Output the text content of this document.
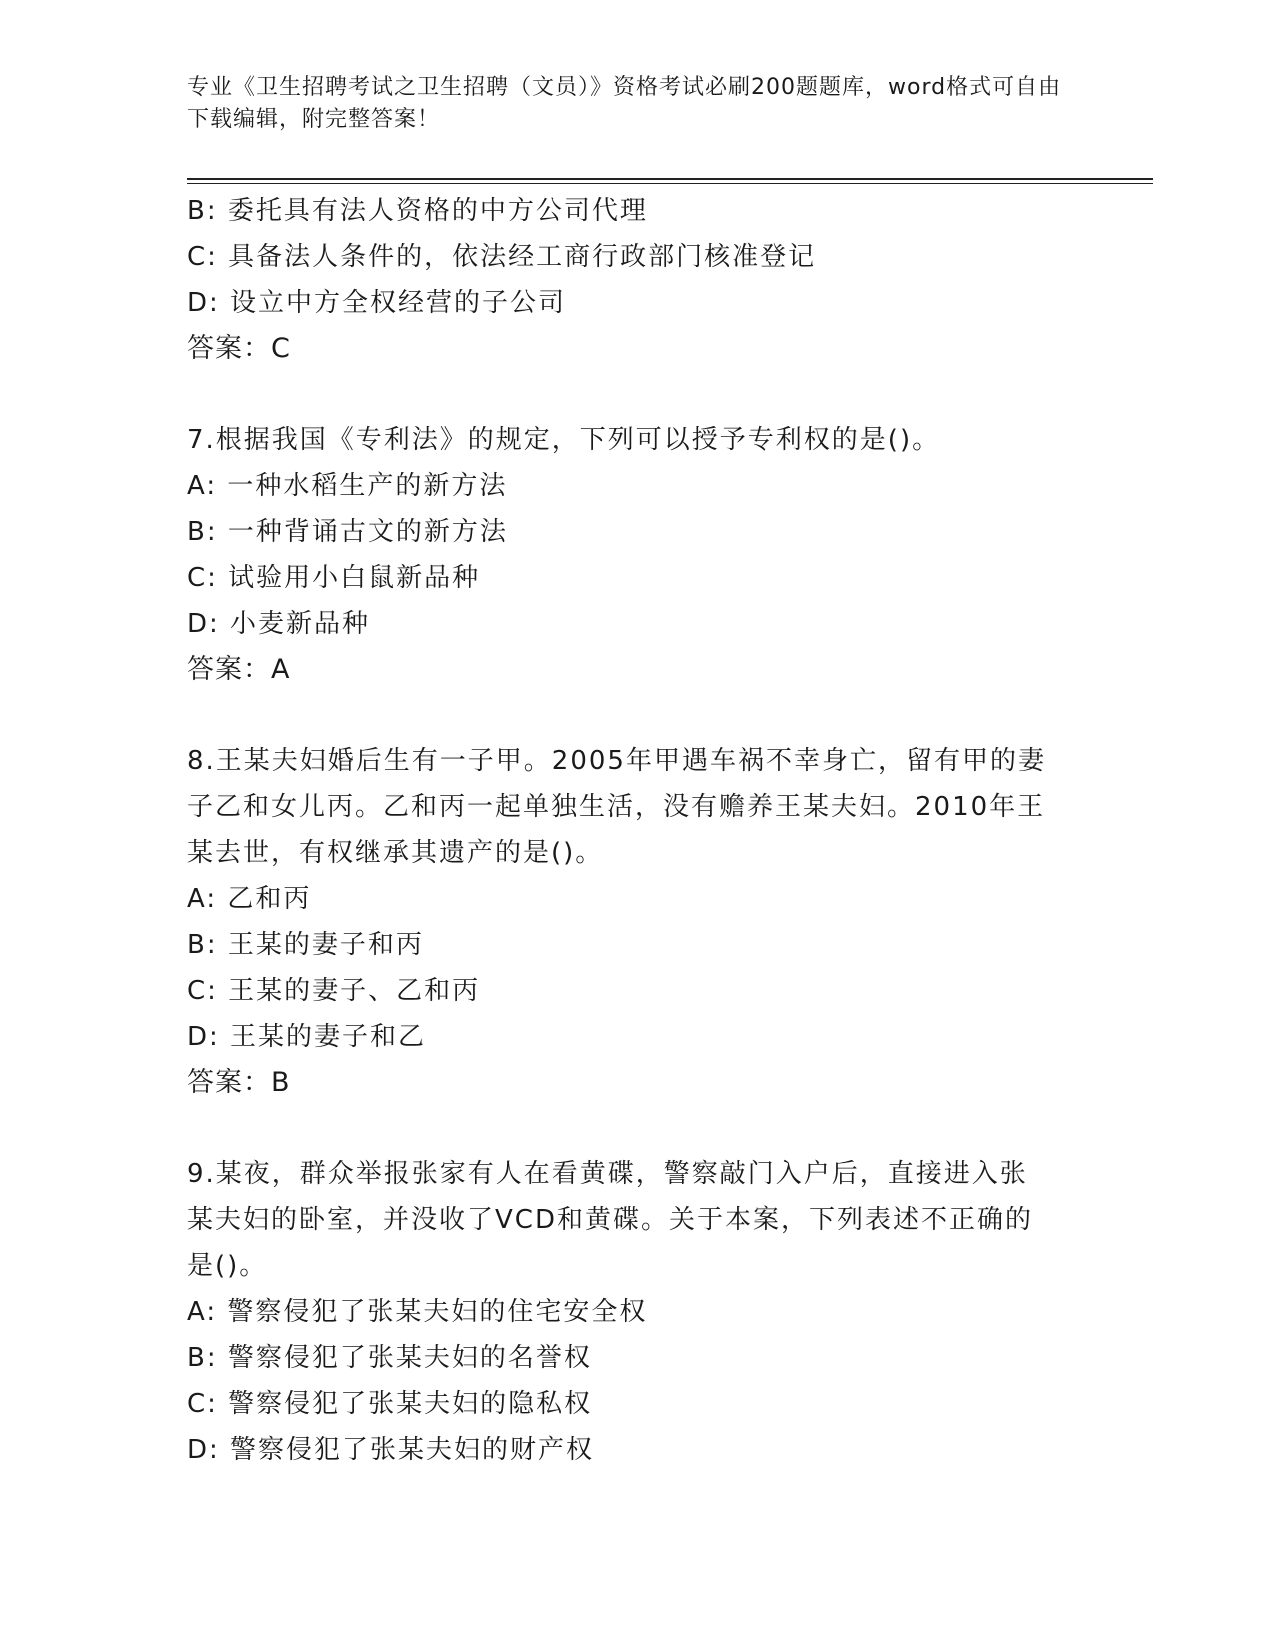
专业《卫生招聘考试之卫生招聘（文员）》资格考试必刷200题题库，word格式可自由下载编辑，附完整答案！
B: 委托具有法人资格的中方公司代理
C: 具备法人条件的，依法经工商行政部门核准登记
D: 设立中方全权经营的子公司
答案：C
7.根据我国《专利法》的规定，下列可以授予专利权的是()。
A: 一种水稻生产的新方法
B: 一种背诵古文的新方法
C: 试验用小白鼠新品种
D: 小麦新品种
答案：A
8.王某夫妇婚后生有一子甲。2005年甲遇车祸不幸身亡，留有甲的妻
子乙和女儿丙。乙和丙一起单独生活，没有赡养王某夫妇。2010年王
某去世，有权继承其遗产的是()。
A: 乙和丙
B: 王某的妻子和丙
C: 王某的妻子、乙和丙
D: 王某的妻子和乙
答案：B
9.某夜，群众举报张家有人在看黄碟，警察敲门入户后，直接进入张
某夫妇的卧室，并没收了VCD和黄碟。关于本案，下列表述不正确的
是()。
A: 警察侵犯了张某夫妇的住宅安全权
B: 警察侵犯了张某夫妇的名誉权
C: 警察侵犯了张某夫妇的隐私权
D: 警察侵犯了张某夫妇的财产权
